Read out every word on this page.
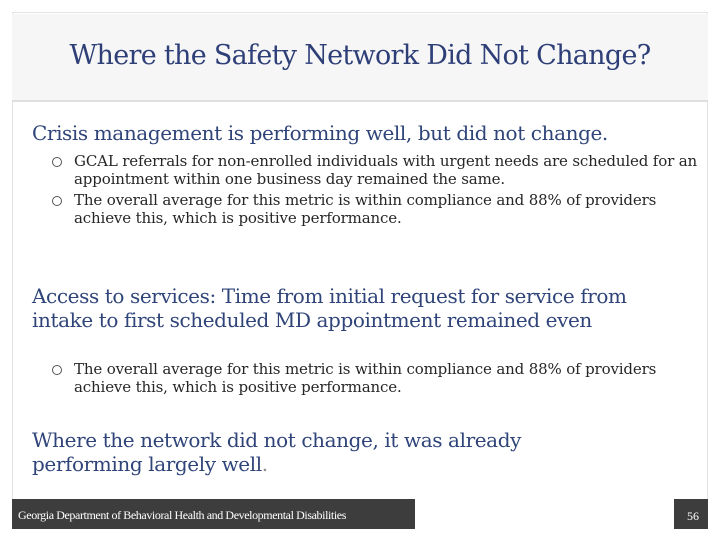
Where the Safety Network Did Not Change?
Crisis management is performing well, but did not change.
GCAL referrals for non-enrolled individuals with urgent needs are scheduled for an appointment within one business day remained the same.
The overall average for this metric is within compliance and 88% of providers achieve this, which is positive performance.
Access to services: Time from initial request for service from intake to first scheduled MD appointment remained even
The overall average for this metric is within compliance and 88% of providers achieve this, which is positive performance.
Where the network did not change, it was already performing largely well.
Georgia Department of Behavioral Health and Developmental Disabilities	56
